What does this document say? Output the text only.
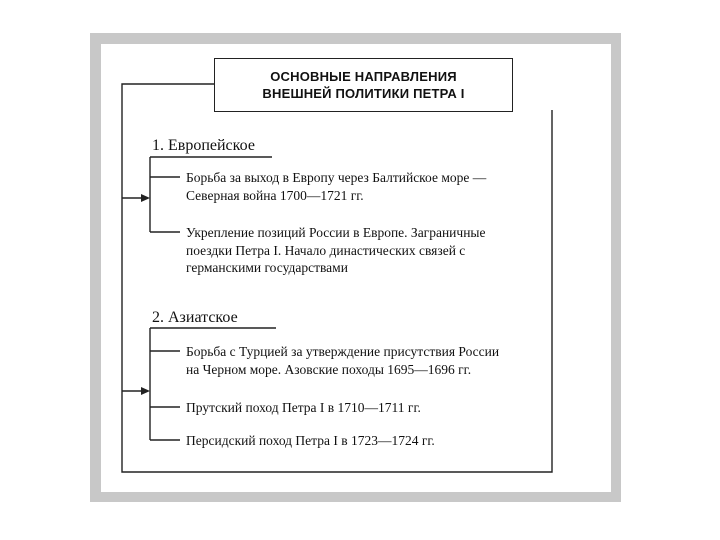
ОСНОВНЫЕ НАПРАВЛЕНИЯ
ВНЕШНЕЙ ПОЛИТИКИ ПЕТРА I
1. Европейское
Борьба за выход в Европу через Балтийское море —
Северная война 1700—1721 гг.
Укрепление позиций России в Европе. Заграничные
поездки Петра I. Начало династических связей с
германскими государствами
2. Азиатское
Борьба с Турцией за утверждение присутствия России
на Черном море. Азовские походы 1695—1696 гг.
Прутский поход Петра I в 1710—1711 гг.
Персидский поход Петра I в 1723—1724 гг.
